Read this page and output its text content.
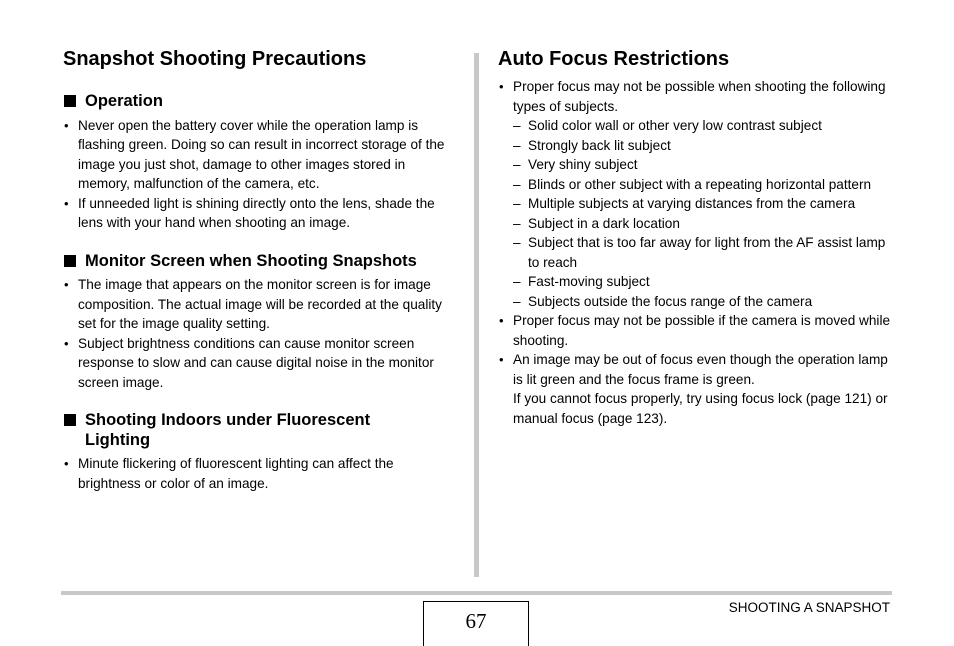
Snapshot Shooting Precautions
Operation
• Never open the battery cover while the operation lamp is flashing green. Doing so can result in incorrect storage of the image you just shot, damage to other images stored in memory, malfunction of the camera, etc.
• If unneeded light is shining directly onto the lens, shade the lens with your hand when shooting an image.
Monitor Screen when Shooting Snapshots
• The image that appears on the monitor screen is for image composition. The actual image will be recorded at the quality set for the image quality setting.
• Subject brightness conditions can cause monitor screen response to slow and can cause digital noise in the monitor screen image.
Shooting Indoors under Fluorescent Lighting
• Minute flickering of fluorescent lighting can affect the brightness or color of an image.
Auto Focus Restrictions
• Proper focus may not be possible when shooting the following types of subjects.
– Solid color wall or other very low contrast subject
– Strongly back lit subject
– Very shiny subject
– Blinds or other subject with a repeating horizontal pattern
– Multiple subjects at varying distances from the camera
– Subject in a dark location
– Subject that is too far away for light from the AF assist lamp to reach
– Fast-moving subject
– Subjects outside the focus range of the camera
• Proper focus may not be possible if the camera is moved while shooting.
• An image may be out of focus even though the operation lamp is lit green and the focus frame is green.
If you cannot focus properly, try using focus lock (page 121) or manual focus (page 123).
67
SHOOTING A SNAPSHOT
